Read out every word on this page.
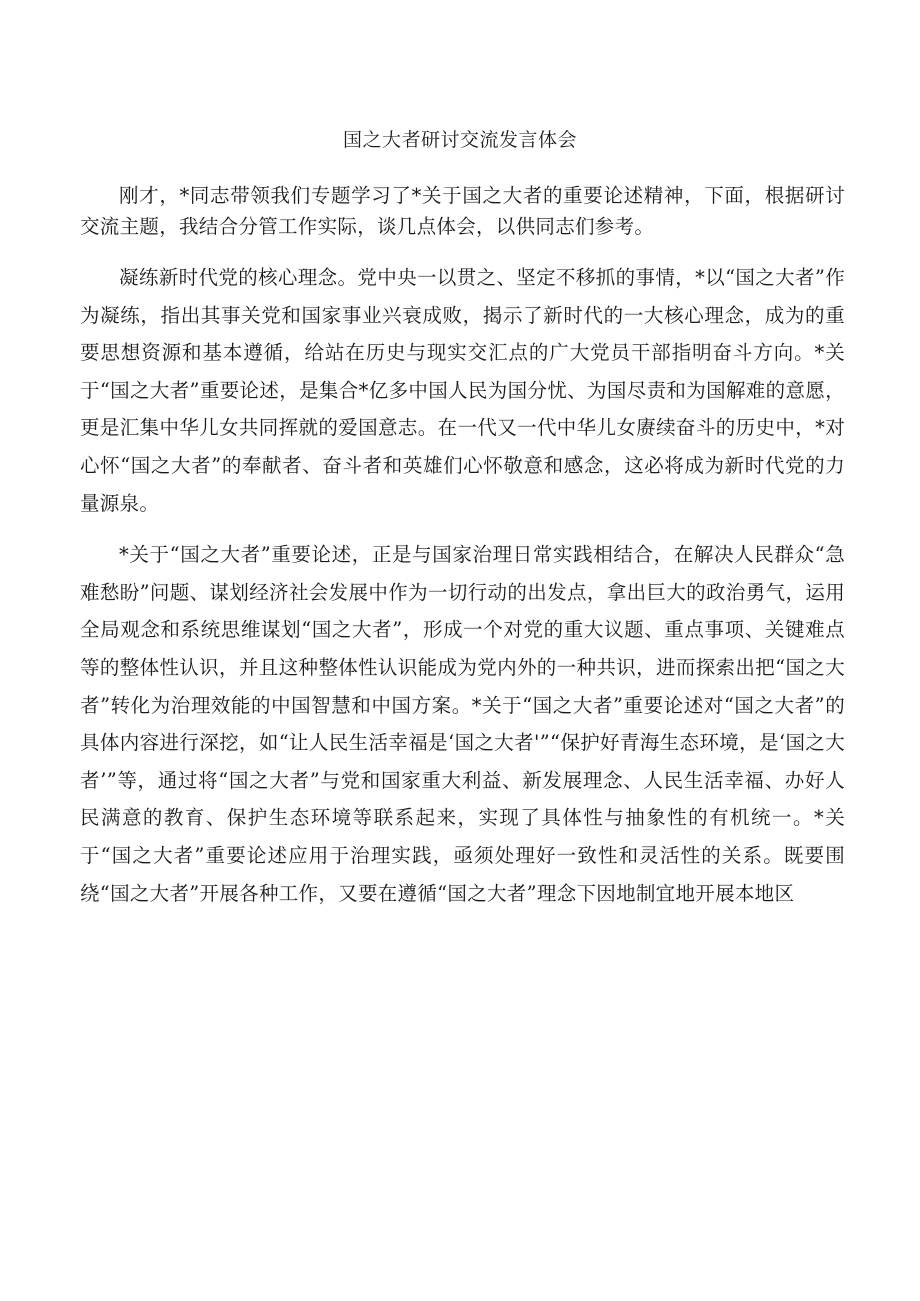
国之大者研讨交流发言体会

刚才，*同志带领我们专题学习了*关于国之大者的重要论述精神，下面，根据研讨交流主题，我结合分管工作实际，谈几点体会，以供同志们参考。

凝练新时代党的核心理念。党中央一以贯之、坚定不移抓的事情，*以“国之大者”作为凝练，指出其事关党和国家事业兴衰成败，揭示了新时代的一大核心理念，成为的重要思想资源和基本遵循，给站在历史与现实交汇点的广大党员干部指明奋斗方向。*关于“国之大者”重要论述，是集合*亿多中国人民为国分忧、为国尽责和为国解难的意愿，更是汇集中华儿女共同挥就的爱国意志。在一代又一代中华儿女赓续奋斗的历史中，*对心怀“国之大者”的奉献者、奋斗者和英雄们心怀敬意和感念，这必将成为新时代党的力量源泉。

*关于“国之大者”重要论述，正是与国家治理日常实践相结合，在解决人民群众“急难愁盼”问题、谋划经济社会发展中作为一切行动的出发点，拿出巨大的政治勇气，运用全局观念和系统思维谋划“国之大者”，形成一个对党的重大议题、重点事项、关键难点等的整体性认识，并且这种整体性认识能成为党内外的一种共识，进而探索出把“国之大者”转化为治理效能的中国智慧和中国方案。*关于“国之大者”重要论述对“国之大者”的具体内容进行深挖，如“让人民生活幸福是‘国之大者'”“保护好青海生态环境，是‘国之大者’”等，通过将“国之大者”与党和国家重大利益、新发展理念、人民生活幸福、办好人民满意的教育、保护生态环境等联系起来，实现了具体性与抽象性的有机统一。*关于“国之大者”重要论述应用于治理实践，亟须处理好一致性和灵活性的关系。既要围绕“国之大者”开展各种工作，又要在遵循“国之大者”理念下因地制宜地开展本地区
